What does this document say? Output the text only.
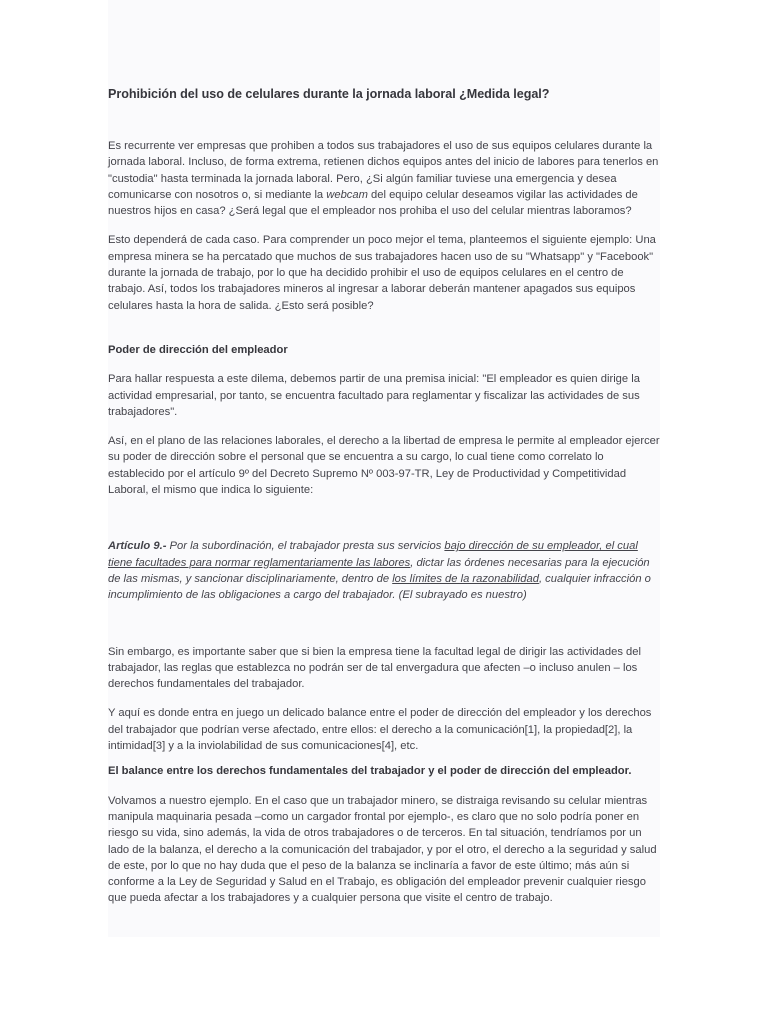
Prohibición del uso de celulares durante la jornada laboral ¿Medida legal?

Es recurrente ver empresas que prohiben a todos sus trabajadores el uso de sus equipos celulares durante la jornada laboral. Incluso, de forma extrema, retienen dichos equipos antes del inicio de labores para tenerlos en "custodia" hasta terminada la jornada laboral. Pero, ¿Si algún familiar tuviese una emergencia y desea comunicarse con nosotros o, si mediante la webcam del equipo celular deseamos vigilar las actividades de nuestros hijos en casa? ¿Será legal que el empleador nos prohiba el uso del celular mientras laboramos?

Esto dependerá de cada caso. Para comprender un poco mejor el tema, planteemos el siguiente ejemplo: Una empresa minera se ha percatado que muchos de sus trabajadores hacen uso de su "Whatsapp" y "Facebook" durante la jornada de trabajo, por lo que ha decidido prohibir el uso de equipos celulares en el centro de trabajo. Así, todos los trabajadores mineros al ingresar a laborar deberán mantener apagados sus equipos celulares hasta la hora de salida. ¿Esto será posible?

Poder de dirección del empleador

Para hallar respuesta a este dilema, debemos partir de una premisa inicial: "El empleador es quien dirige la actividad empresarial, por tanto, se encuentra facultado para reglamentar y fiscalizar las actividades de sus trabajadores".

Así, en el plano de las relaciones laborales, el derecho a la libertad de empresa le permite al empleador ejercer su poder de dirección sobre el personal que se encuentra a su cargo, lo cual tiene como correlato lo establecido por el artículo 9º del Decreto Supremo Nº 003-97-TR, Ley de Productividad y Competitividad Laboral, el mismo que indica lo siguiente:

Artículo 9.- Por la subordinación, el trabajador presta sus servicios bajo dirección de su empleador, el cual tiene facultades para normar reglamentariamente las labores, dictar las órdenes necesarias para la ejecución de las mismas, y sancionar disciplinariamente, dentro de los límites de la razonabilidad, cualquier infracción o incumplimiento de las obligaciones a cargo del trabajador. (El subrayado es nuestro)

Sin embargo, es importante saber que si bien la empresa tiene la facultad legal de dirigir las actividades del trabajador, las reglas que establezca no podrán ser de tal envergadura que afecten –o incluso anulen – los derechos fundamentales del trabajador.

Y aquí es donde entra en juego un delicado balance entre el poder de dirección del empleador y los derechos del trabajador que podrían verse afectado, entre ellos: el derecho a la comunicación[1], la propiedad[2], la intimidad[3] y a la inviolabilidad de sus comunicaciones[4], etc.

El balance entre los derechos fundamentales del trabajador y el poder de dirección del empleador.

Volvamos a nuestro ejemplo. En el caso que un trabajador minero, se distraiga revisando su celular mientras manipula maquinaria pesada –como un cargador frontal por ejemplo-, es claro que no solo podría poner en riesgo su vida, sino además, la vida de otros trabajadores o de terceros. En tal situación, tendríamos por un lado de la balanza, el derecho a la comunicación del trabajador, y por el otro, el derecho a la seguridad y salud de este, por lo que no hay duda que el peso de la balanza se inclinaría a favor de este último; más aún si conforme a la Ley de Seguridad y Salud en el Trabajo, es obligación del empleador prevenir cualquier riesgo que pueda afectar a los trabajadores y a cualquier persona que visite el centro de trabajo.
